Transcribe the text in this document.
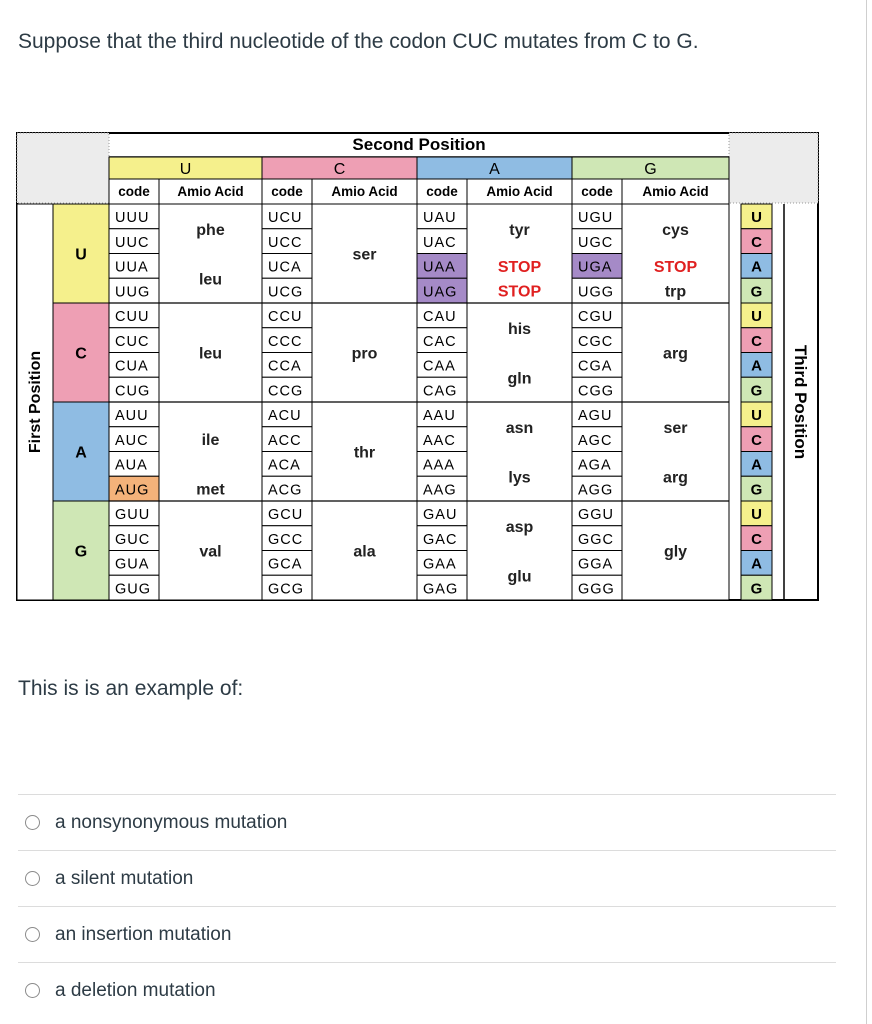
Suppose that the third nucleotide of the codon CUC mutates from C to G.
Second Position
U
code Amio Acid
C
code Amio Acid
A
code Amio Acid
G
code Amio Acid
First Position
U
C
A
G
UUU
UUC
UUA
UUG
CUU
CUC
CUA
CUG
AUU
AUC
AUA
AUG
GUU
GUC
GUA
GUG
phe
leu
leu
ile
met
val
UCU
UCC
UCA
UCG
CCU
CCC
CCA
CCG
ACU
ACC
ACA
ACG
GCU
GCC
GCA
GCG
ser
pro
thr
ala
UAU
UAC
UAA
UAG
CAU
CAC
CAA
CAG
AAU
AAC
AAA
AAG
GAU
GAC
GAA
GAG
tyr
STOP
STOP
his
gln
asn
lys
asp
glu
UGU
UGC
UGA
UGG
CGU
CGC
CGA
CGG
AGU
AGC
AGA
AGG
GGU
GGC
GGA
GGG
cys
STOP
trp
arg
ser
arg
gly
U
C
A
G
U
C
A
G
U
C
A
G
U
C
A
G
Third Position
This is is an example of:
a nonsynonymous mutation
a silent mutation
an insertion mutation
a deletion mutation
